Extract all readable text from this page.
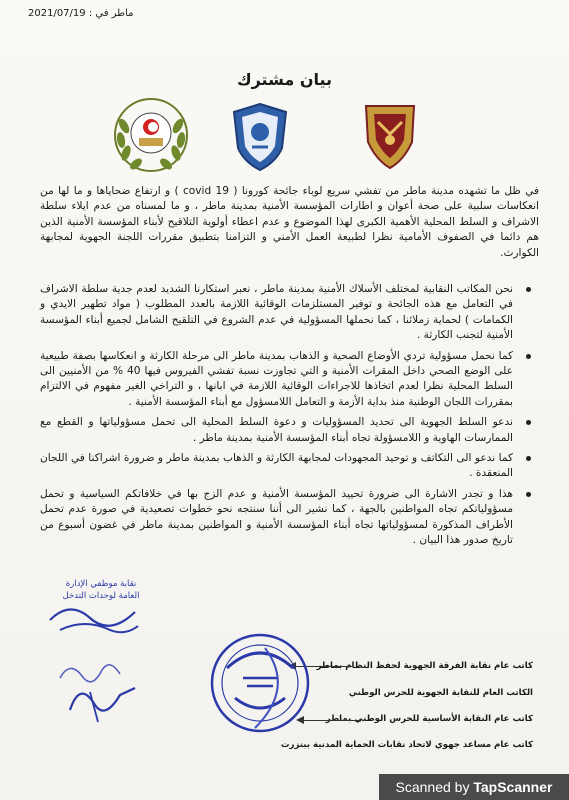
ماطر في : 2021/07/19
بيان مشترك
في ظل ما تشهده مدينة ماطر من تفشي سريع لوباء جائحة كورونا ( covid 19 ) و ارتفاع ضحاياها و ما لها من انعكاسات سلبية على صحة أعوان و اطارات المؤسسة الأمنية بمدينة ماطر ، و ما لمسناه من عدم ايلاء سلطة الاشراف و السلط المحلية الأهمية الكبرى لهذا الموضوع و عدم اعطاء أولوية التلاقيح لأبناء المؤسسة الأمنية الذين هم دائما في الصفوف الأمامية نظرا لطبيعة العمل الأمني و التزامنا بتطبيق مقررات اللجنة الجهوية لمجابهة الكوارث.
نحن المكاتب النقابية لمختلف الأسلاك الأمنية بمدينة ماطر ، نعبر استكارنا الشديد لعدم جدية سلطة الاشراف في التعامل مع هذه الجائحة و توفير المستلزمات الوقائية اللازمة بالعدد المطلوب ( مواد تطهير الايدي و الكمامات ) لحماية زملائنا ، كما نحملها المسؤولية في عدم الشروع في التلقيح الشامل لجميع أبناء المؤسسة الأمنية لتجنب الكارثة .
كما نحمل مسؤولية تردي الأوضاع الصحية و الذهاب بمدينة ماطر الى مرحلة الكارثة و انعكاسها بصفة طبيعية على الوضع الصحي داخل المقرات الأمنية و التي تجاوزت نسبة تفشي الفيروس فيها 40 % من الأمنيين الى السلط المحلية نظرا لعدم اتخاذها للاجراءات الوقائية اللازمة في ابانها ، و التراخي الغير مفهوم في الالتزام بمقررات اللجان الوطنية منذ بداية الأزمة و التعامل اللامسؤول مع أبناء المؤسسة الأمنية .
ندعو السلط الجهوية الى تحديد المسؤوليات و دعوة السلط المحلية الى تحمل مسؤولياتها و القطع مع الممارسات الهاوية و اللامسؤولة تجاه أبناء المؤسسة الأمنية بمدينة ماطر .
كما ندعو الى التكاتف و توحيد المجهودات لمجابهة الكارثة و الذهاب بمدينة ماطر و ضرورة اشراكنا في اللجان المنعقدة .
هذا و تجدر الاشارة الى ضرورة تحييد المؤسسة الأمنية و عدم الزج بها في خلافاتكم السياسية و تحمل مسؤولياتكم تجاه المواطنين بالجهة ، كما نشير الى أننا سنتجه نحو خطوات تصعيدية في صورة عدم تحمل الأطراف المذكورة لمسؤولياتها تجاه أبناء المؤسسة الأمنية و المواطنين بمدينة ماطر في غضون أسبوع من تاريخ صدور هذا البيان .
كاتب عام نقابة الفرقة الجهوية لحفظ النظام بماطر
الكاتب العام للنقابة الجهوية للحرس الوطني
كاتب عام النقابة الأساسية للحرس الوطني بماطر
كاتب عام مساعد جهوي لاتحاد نقابات الحماية المدنية ببنزرت
نقابة موظفي الإدارة العامة لوحدات التدخل
Scanned by TapScanner
